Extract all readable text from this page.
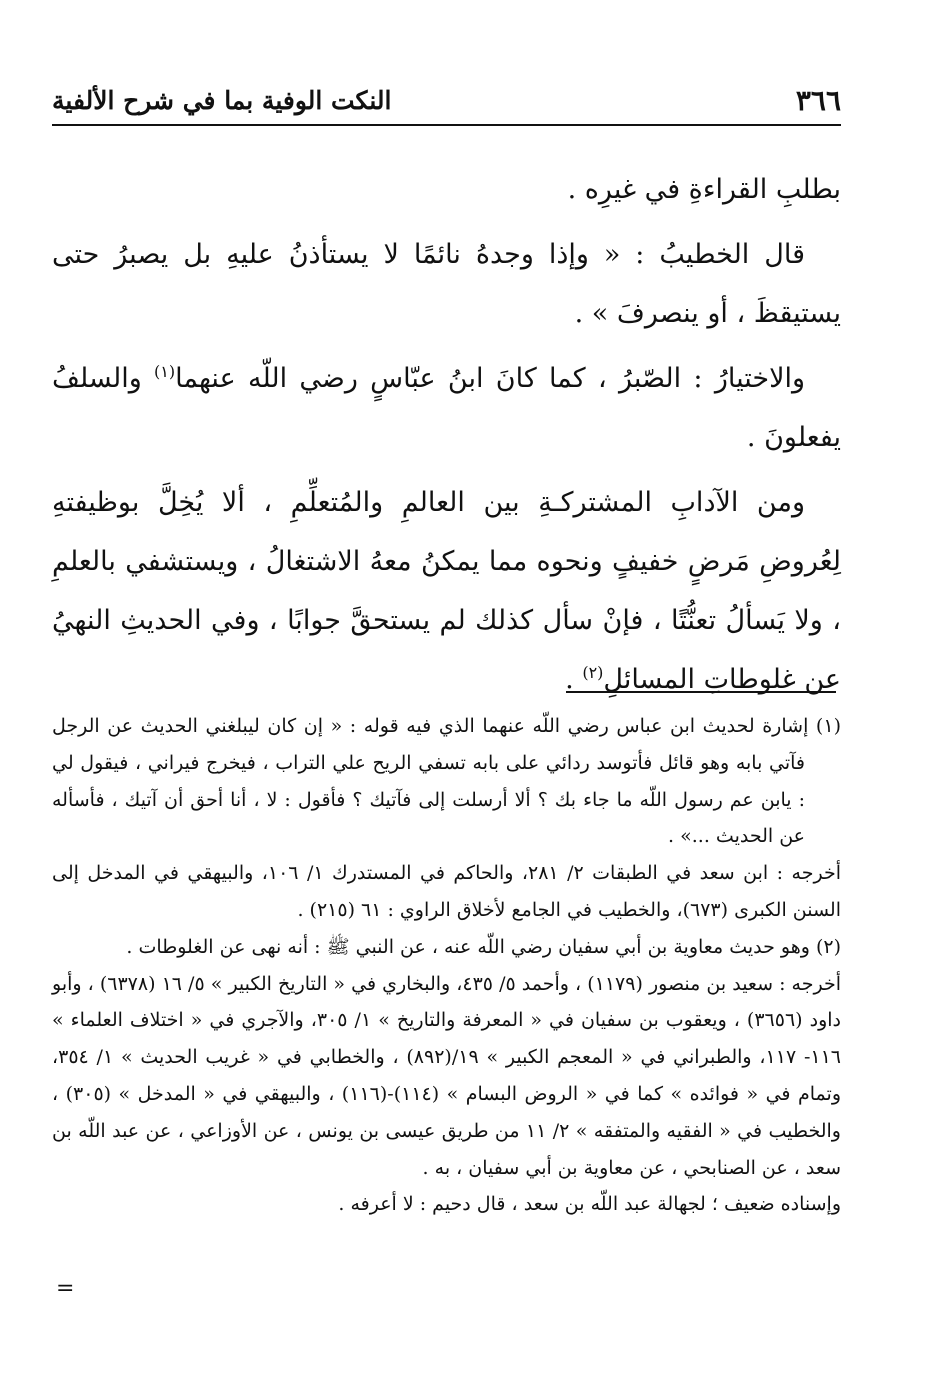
٣٦٦
النكت الوفية بما في شرح الألفية

بطلبِ القراءةِ في غيرِه .

قال الخطيبُ : « وإذا وجدهُ نائمًا لا يستأذنُ عليهِ بل يصبرُ حتى يستيقظَ ، أو ينصرفَ » .

والاختيارُ : الصّبرُ ، كما كانَ ابنُ عبّاسٍ رضي اللّه عنهما$^{(١)}$ والسلفُ يفعلونَ .

ومن الآدابِ المشتركـةِ بين العالمِ والمُتعلِّمِ ، ألا يُخِلَّ بوظيفتهِ لِعُروضِ مَرضٍ خفيفٍ ونحوه مما يمكنُ معهُ الاشتغالُ ، ويستشفي بالعلمِ ، ولا يَسألُ تعنُّتًا ، فإنْ سأل كذلك لم يستحقَّ جوابًا ، وفي الحديثِ النهيُ عن غلوطاتِ المسائلِ$^{(٢)}$ .

(١) إشارة لحديث ابن عباس رضي اللّه عنهما الذي فيه قوله : « إن كان ليبلغني الحديث عن الرجل فآتي بابه وهو قائل فأتوسد ردائي على بابه تسفي الريح علي التراب ، فيخرج فيراني ، فيقول لي : يابن عم رسول اللّه ما جاء بك ؟ ألا أرسلت إلى فآتيك ؟ فأقول : لا ، أنا أحق أن آتيك ، فأسأله عن الحديث ...» .

أخرجه : ابن سعد في الطبقات ٢/ ٢٨١، والحاكم في المستدرك ١/ ١٠٦، والبيهقي في المدخل إلى السنن الكبرى (٦٧٣)، والخطيب في الجامع لأخلاق الراوي : ٦١ (٢١٥) .

(٢) وهو حديث معاوية بن أبي سفيان رضي اللّه عنه ، عن النبي ﷺ : أنه نهى عن الغلوطات .

أخرجه : سعيد بن منصور (١١٧٩) ، وأحمد ٥/ ٤٣٥، والبخاري في « التاريخ الكبير » ٥/ ١٦ (٦٣٧٨) ، وأبو داود (٣٦٥٦) ، ويعقوب بن سفيان في « المعرفة والتاريخ » ١/ ٣٠٥، والآجري في « اختلاف العلماء » ١١٦- ١١٧، والطبراني في « المعجم الكبير » ١٩/(٨٩٢) ، والخطابي في « غريب الحديث » ١/ ٣٥٤، وتمام في « فوائده » كما في « الروض البسام » (١١٤)-(١١٦) ، والبيهقي في « المدخل » (٣٠٥) ، والخطيب في « الفقيه والمتفقه » ٢/ ١١ من طريق عيسى بن يونس ، عن الأوزاعي ، عن عبد اللّه بن سعد ، عن الصنابحي ، عن معاوية بن أبي سفيان ، به .

وإسناده ضعيف ؛ لجهالة عبد اللّه بن سعد ، قال دحيم : لا أعرفه .

=
